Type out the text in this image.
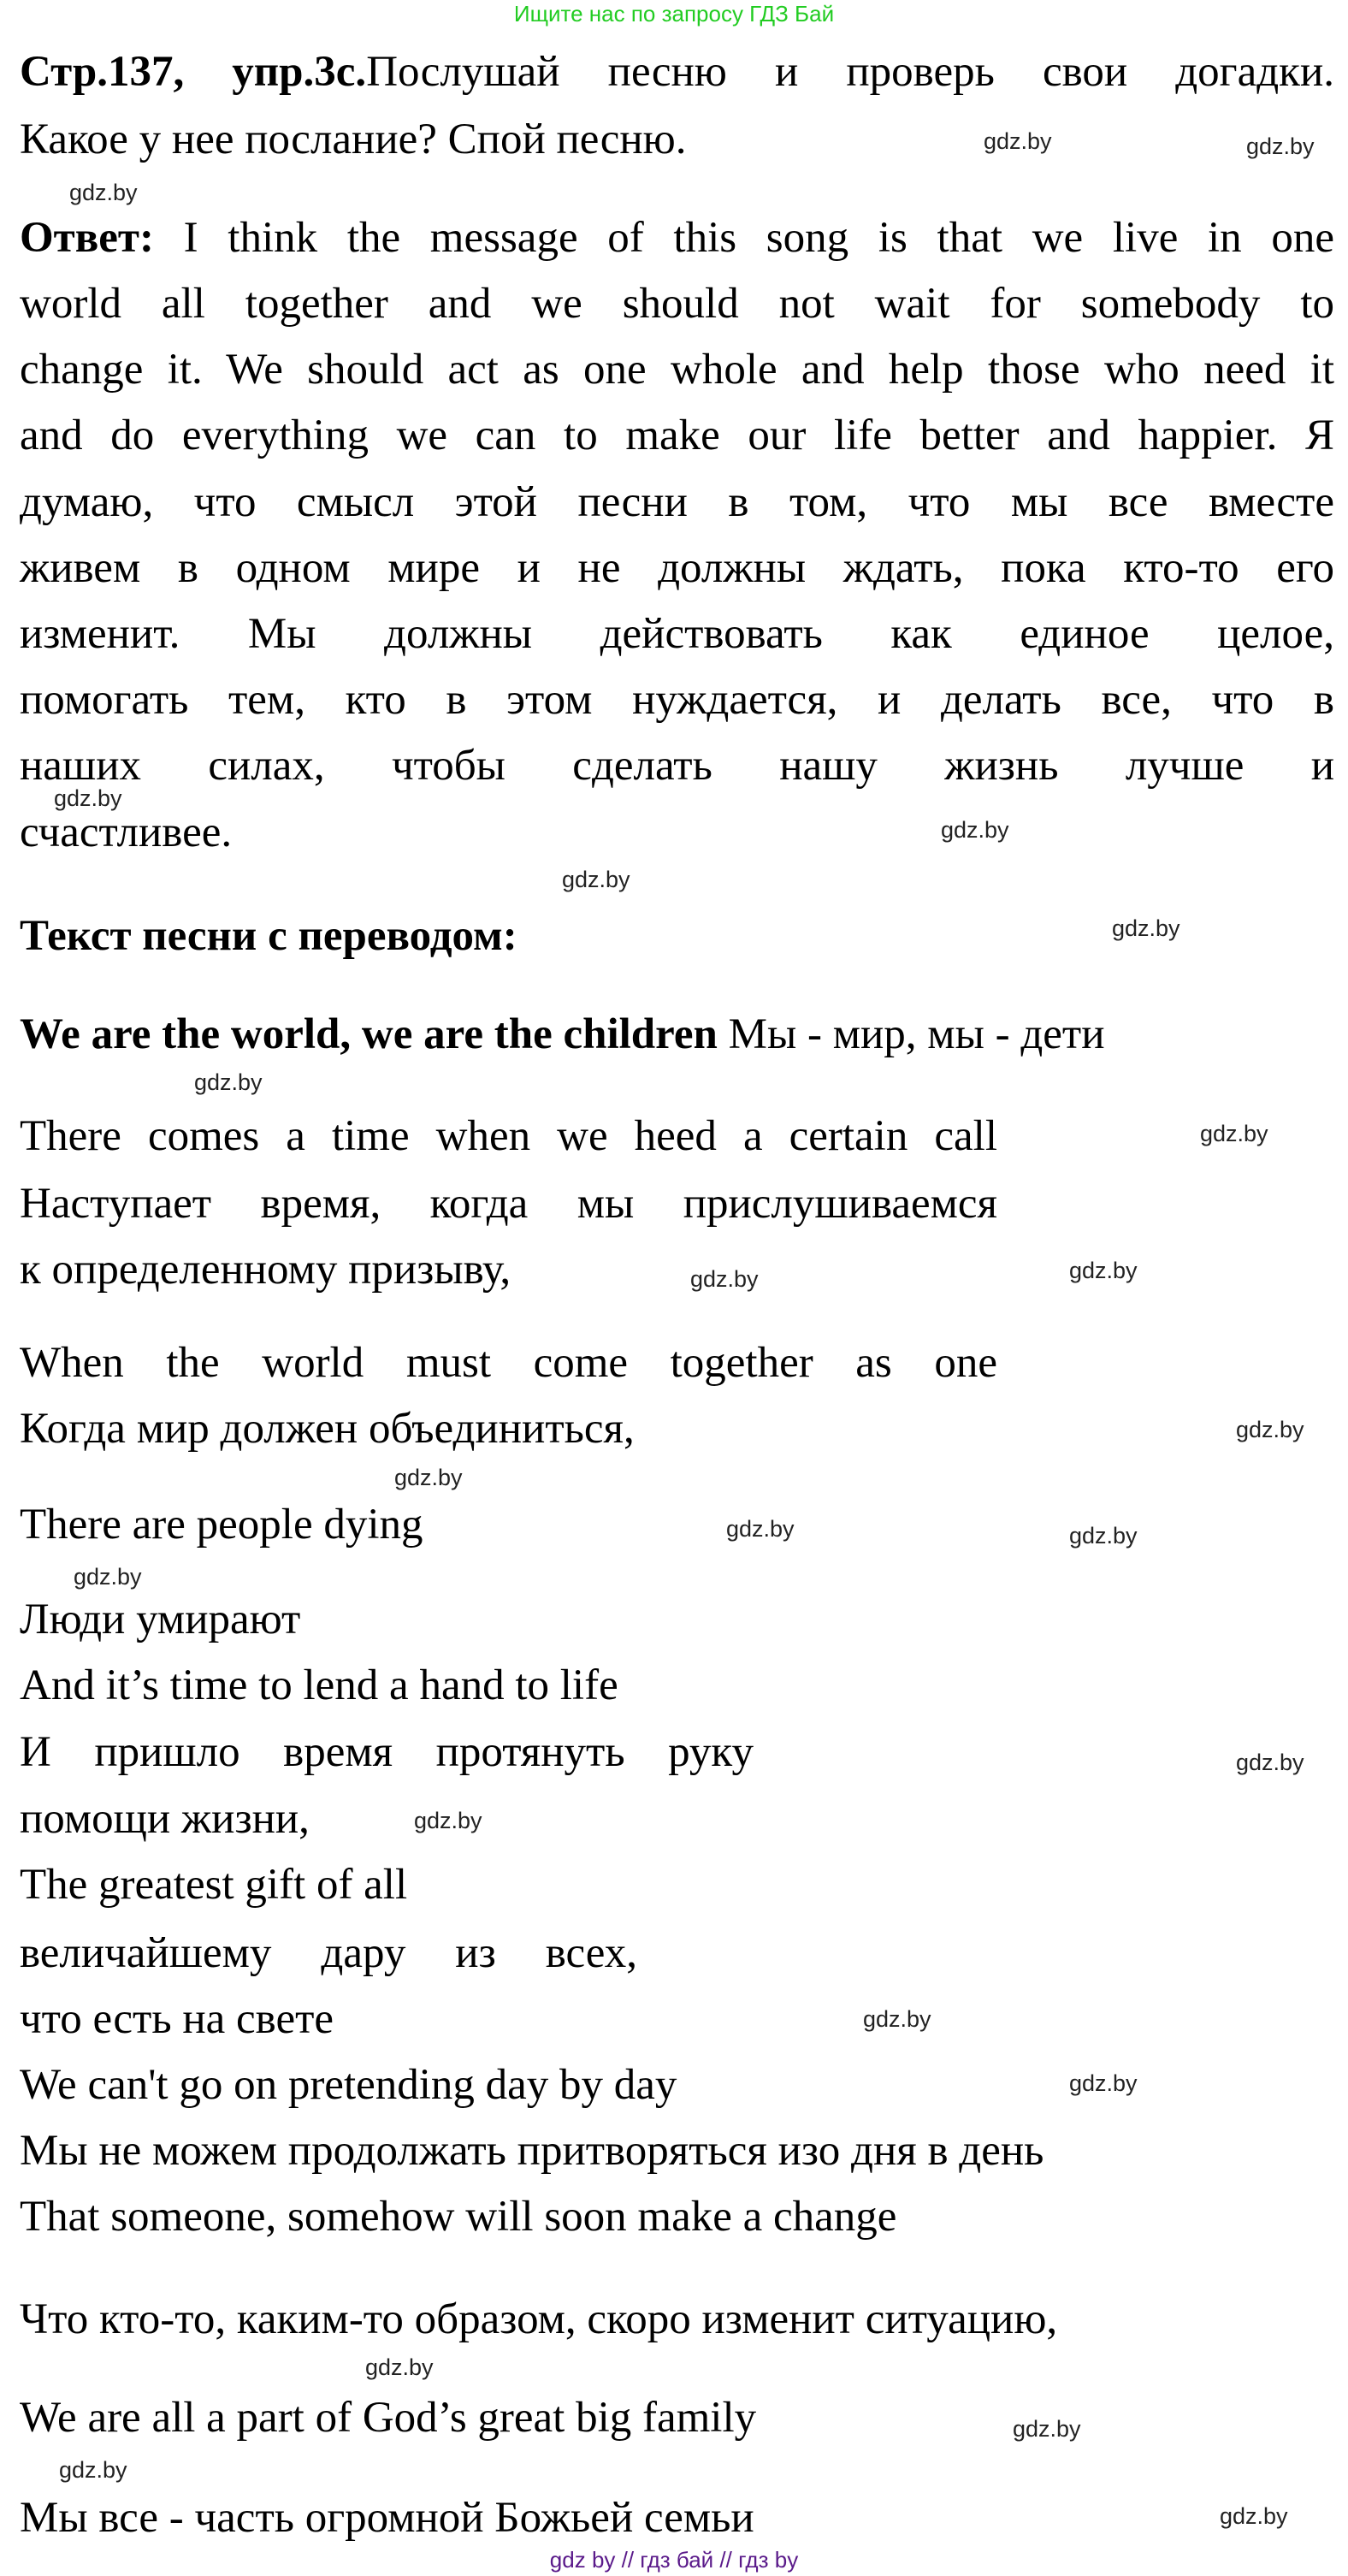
Ищите нас по запросу ГДЗ Бай
Стр.137, упр.3с.Послушай песню и проверь свои догадки.
Какое у нее послание? Спой песню.
Ответ: I think the message of this song is that we live in one
world all together and we should not wait for somebody to
change it. We should act as one whole and help those who need it
and do everything we can to make our life better and happier. Я
думаю, что смысл этой песни в том, что мы все вместе
живем в одном мире и не должны ждать, пока кто-то его
изменит. Мы должны действовать как единое целое,
помогать тем, кто в этом нуждается, и делать все, что в
наших силах, чтобы сделать нашу жизнь лучше и
счастливее.
Текст песни с переводом:
We are the world, we are the children Мы - мир, мы - дети
There comes a time when we heed a certain call
Наступает время, когда мы прислушиваемся
к определенному призыву,
When the world must come together as one
Когда мир должен объединиться,
There are people dying
Люди умирают
And it’s time to lend a hand to life
И пришло время протянуть руку
помощи жизни,
The greatest gift of all
величайшему дару из всех,
что есть на свете
We can't go on pretending day by day
Мы не можем продолжать притворяться изо дня в день
That someone, somehow will soon make a change
Что кто-то, каким-то образом, скоро изменит ситуацию,
We are all a part of God’s great big family
Мы все - часть огромной Божьей семьи
gdz.by	gdz.by
gdz.by
gdz.by
gdz.by
gdz.by
gdz.by
gdz.by
gdz.by
gdz.by
gdz.by
gdz.by
gdz.by
gdz.by
gdz.by
gdz.by
gdz.by
gdz.by
gdz.by
gdz.by
gdz.by
gdz.by
gdz.by
gdz.by
gdz by // гдз бай // гдз by
